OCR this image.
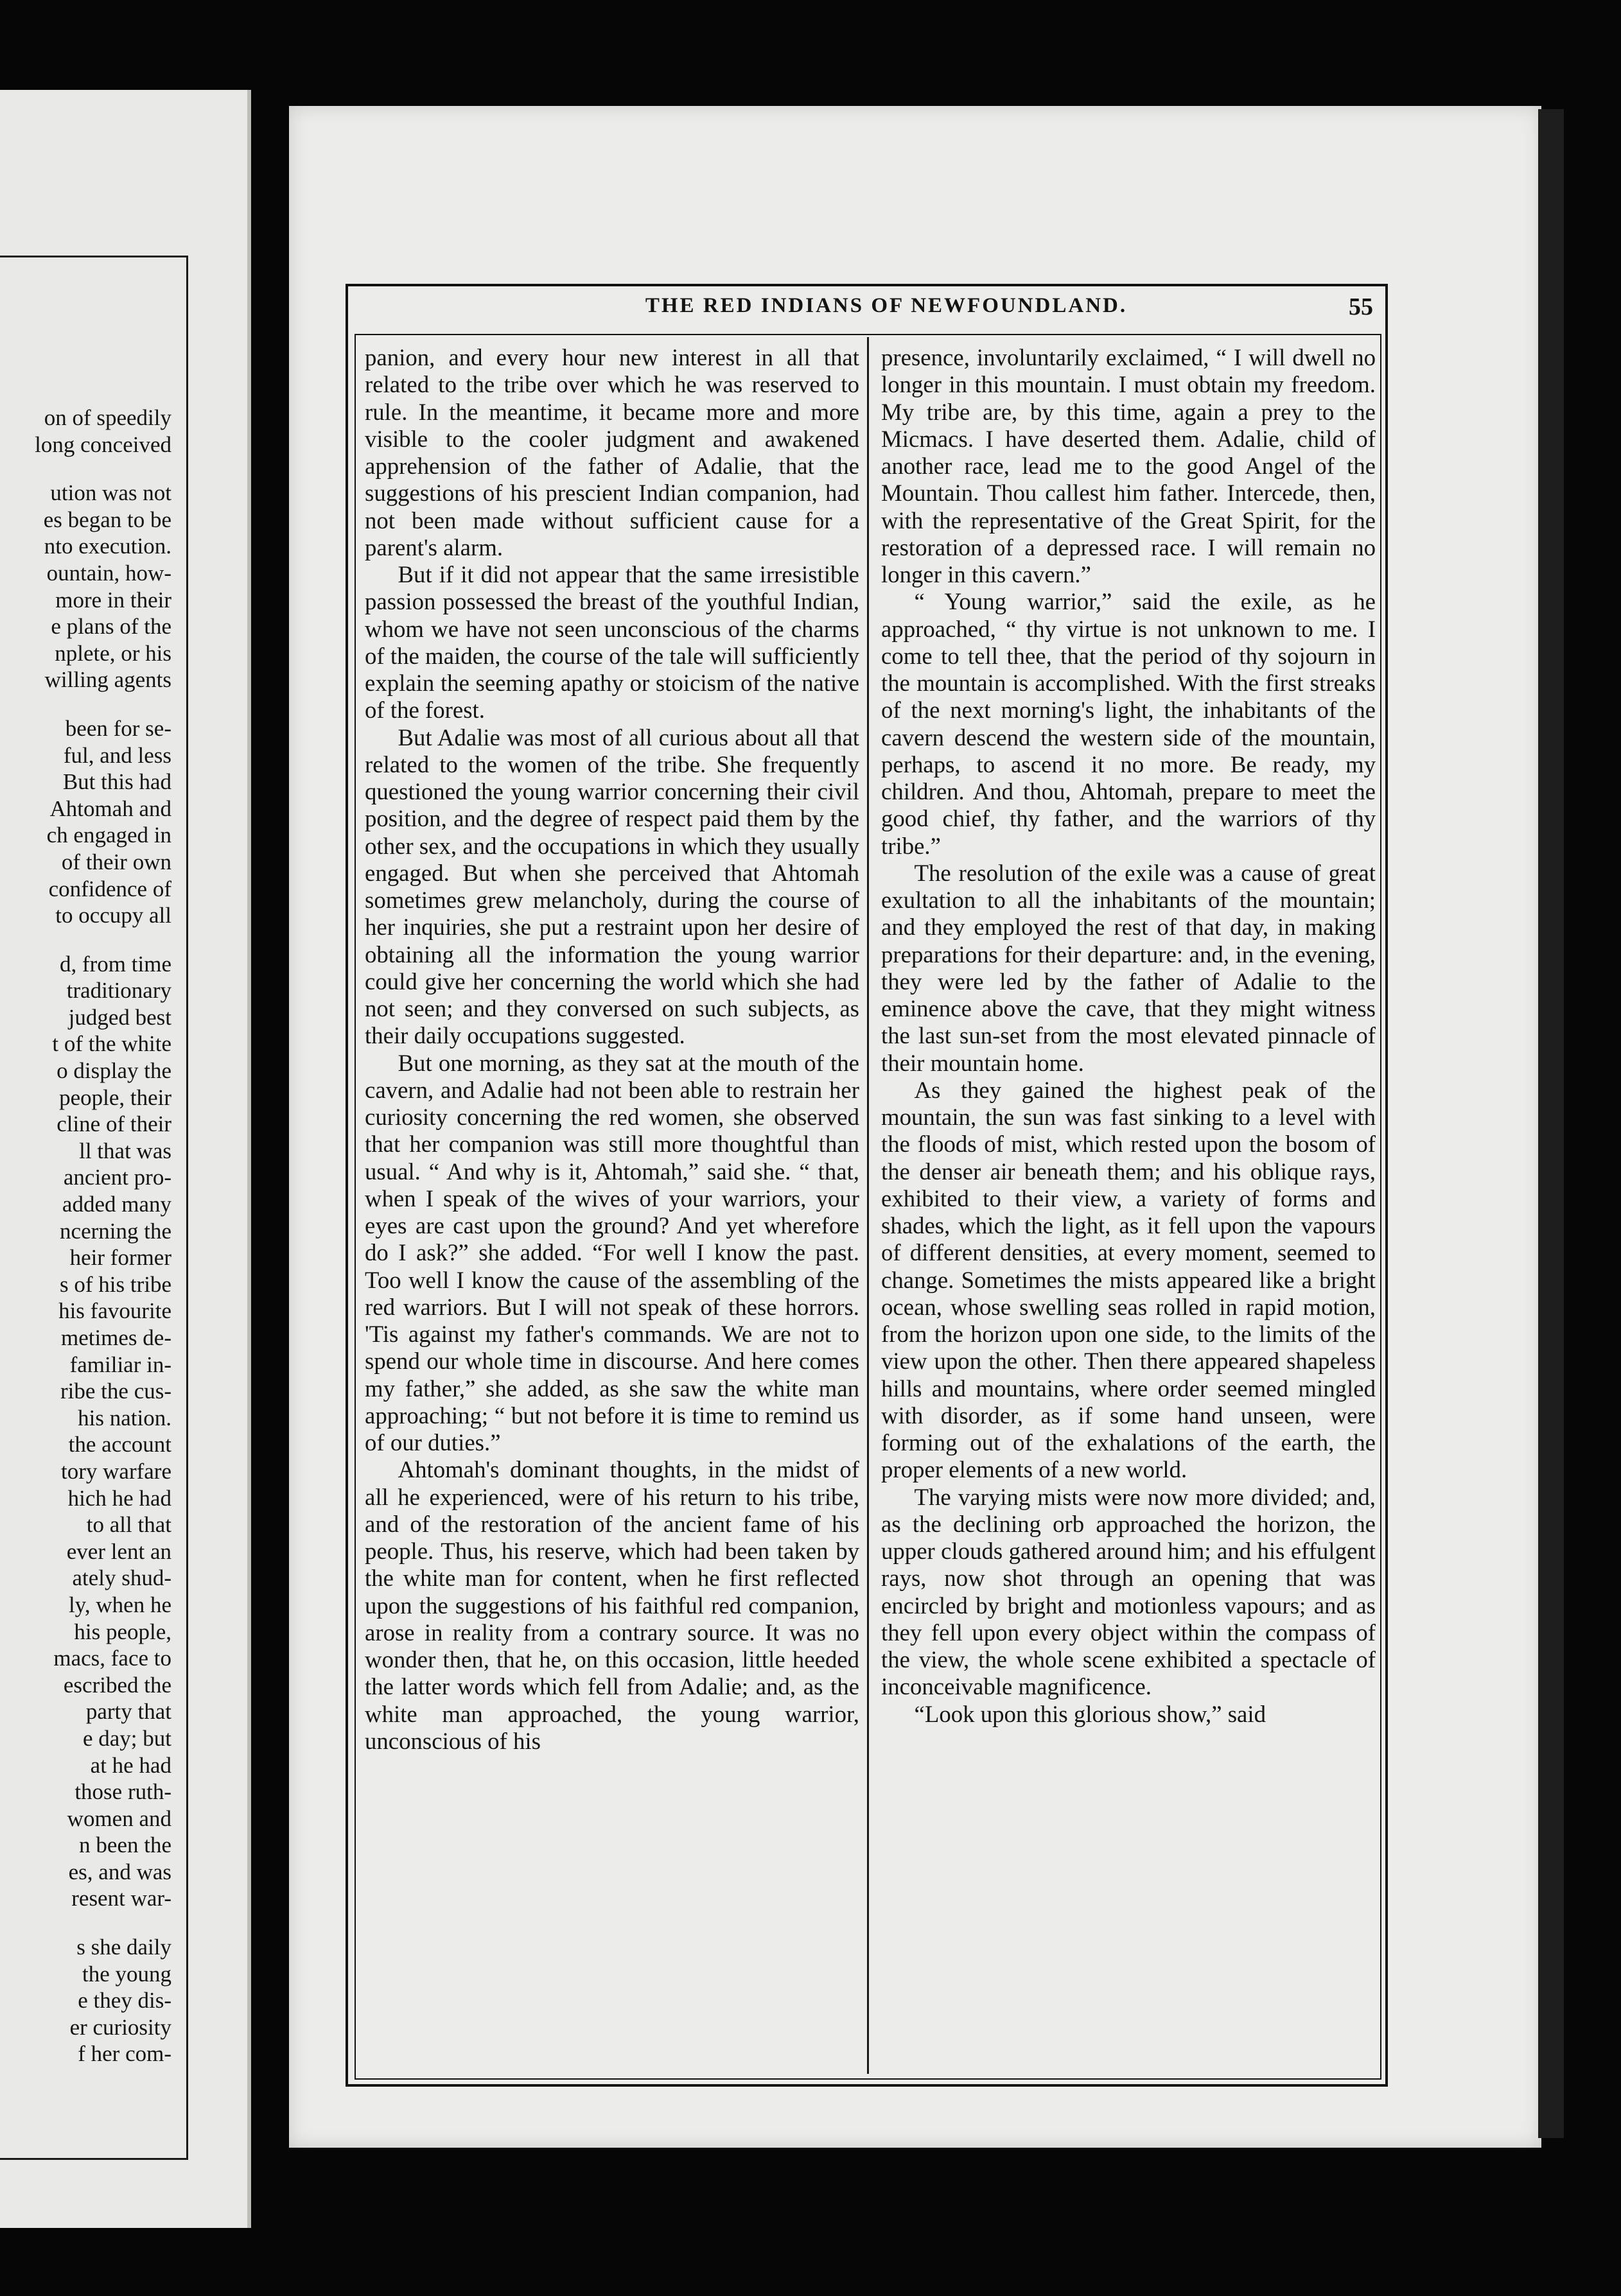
on of speedily
long conceived
ution was not
es began to be
nto execution.
ountain, how-
more in their
e plans of the
nplete, or his
willing agents
been for se-
ful, and less
But this had
Ahtomah and
ch engaged in
of their own
confidence of
to occupy all
d, from time
traditionary
judged best
t of the white
o display the
people, their
cline of their
ll that was
ancient pro-
added many
ncerning the
heir former
s of his tribe
his favourite
metimes de-
familiar in-
ribe the cus-
his nation.
the account
tory warfare
hich he had
to all that
ever lent an
ately shud-
ly, when he
his people,
macs, face to
escribed the
party that
e day; but
at he had
those ruth-
women and
n been the
es, and was
resent war-
s she daily
the young
e they dis-
er curiosity
f her com-
THE RED INDIANS OF NEWFOUNDLAND.	55

panion, and every hour new interest in all that related to the tribe over which he was reserved to rule. In the meantime, it became more and more visible to the cooler judgment and awakened apprehension of the father of Adalie, that the suggestions of his prescient Indian companion, had not been made without sufficient cause for a parent's alarm.

But if it did not appear that the same irresistible passion possessed the breast of the youthful Indian, whom we have not seen unconscious of the charms of the maiden, the course of the tale will sufficiently explain the seeming apathy or stoicism of the native of the forest.

But Adalie was most of all curious about all that related to the women of the tribe. She frequently questioned the young warrior concerning their civil position, and the degree of respect paid them by the other sex, and the occupations in which they usually engaged. But when she perceived that Ahtomah sometimes grew melancholy, during the course of her inquiries, she put a restraint upon her desire of obtaining all the information the young warrior could give her concerning the world which she had not seen; and they conversed on such subjects, as their daily occupations suggested.

But one morning, as they sat at the mouth of the cavern, and Adalie had not been able to restrain her curiosity concerning the red women, she observed that her companion was still more thoughtful than usual. “ And why is it, Ahtomah,” said she. “ that, when I speak of the wives of your warriors, your eyes are cast upon the ground? And yet wherefore do I ask?” she added. “For well I know the past. Too well I know the cause of the assembling of the red warriors. But I will not speak of these horrors. 'Tis against my father's commands. We are not to spend our whole time in discourse. And here comes my father,” she added, as she saw the white man approaching; “ but not before it is time to remind us of our duties.”

Ahtomah's dominant thoughts, in the midst of all he experienced, were of his return to his tribe, and of the restoration of the ancient fame of his people. Thus, his reserve, which had been taken by the white man for content, when he first reflected upon the suggestions of his faithful red companion, arose in reality from a contrary source. It was no wonder then, that he, on this occasion, little heeded the latter words which fell from Adalie; and, as the white man approached, the young warrior, unconscious of his

presence, involuntarily exclaimed, “ I will dwell no longer in this mountain. I must obtain my freedom. My tribe are, by this time, again a prey to the Micmacs. I have deserted them. Adalie, child of another race, lead me to the good Angel of the Mountain. Thou callest him father. Intercede, then, with the representative of the Great Spirit, for the restoration of a depressed race. I will remain no longer in this cavern.”

“ Young warrior,” said the exile, as he approached, “ thy virtue is not unknown to me. I come to tell thee, that the period of thy sojourn in the mountain is accomplished. With the first streaks of the next morning's light, the inhabitants of the cavern descend the western side of the mountain, perhaps, to ascend it no more. Be ready, my children. And thou, Ahtomah, prepare to meet the good chief, thy father, and the warriors of thy tribe.”

The resolution of the exile was a cause of great exultation to all the inhabitants of the mountain; and they employed the rest of that day, in making preparations for their departure: and, in the evening, they were led by the father of Adalie to the eminence above the cave, that they might witness the last sun-set from the most elevated pinnacle of their mountain home.

As they gained the highest peak of the mountain, the sun was fast sinking to a level with the floods of mist, which rested upon the bosom of the denser air beneath them; and his oblique rays, exhibited to their view, a variety of forms and shades, which the light, as it fell upon the vapours of different densities, at every moment, seemed to change. Sometimes the mists appeared like a bright ocean, whose swelling seas rolled in rapid motion, from the horizon upon one side, to the limits of the view upon the other. Then there appeared shapeless hills and mountains, where order seemed mingled with disorder, as if some hand unseen, were forming out of the exhalations of the earth, the proper elements of a new world.

The varying mists were now more divided; and, as the declining orb approached the horizon, the upper clouds gathered around him; and his effulgent rays, now shot through an opening that was encircled by bright and motionless vapours; and as they fell upon every object within the compass of the view, the whole scene exhibited a spectacle of inconceivable magnificence.

“Look upon this glorious show,” said
